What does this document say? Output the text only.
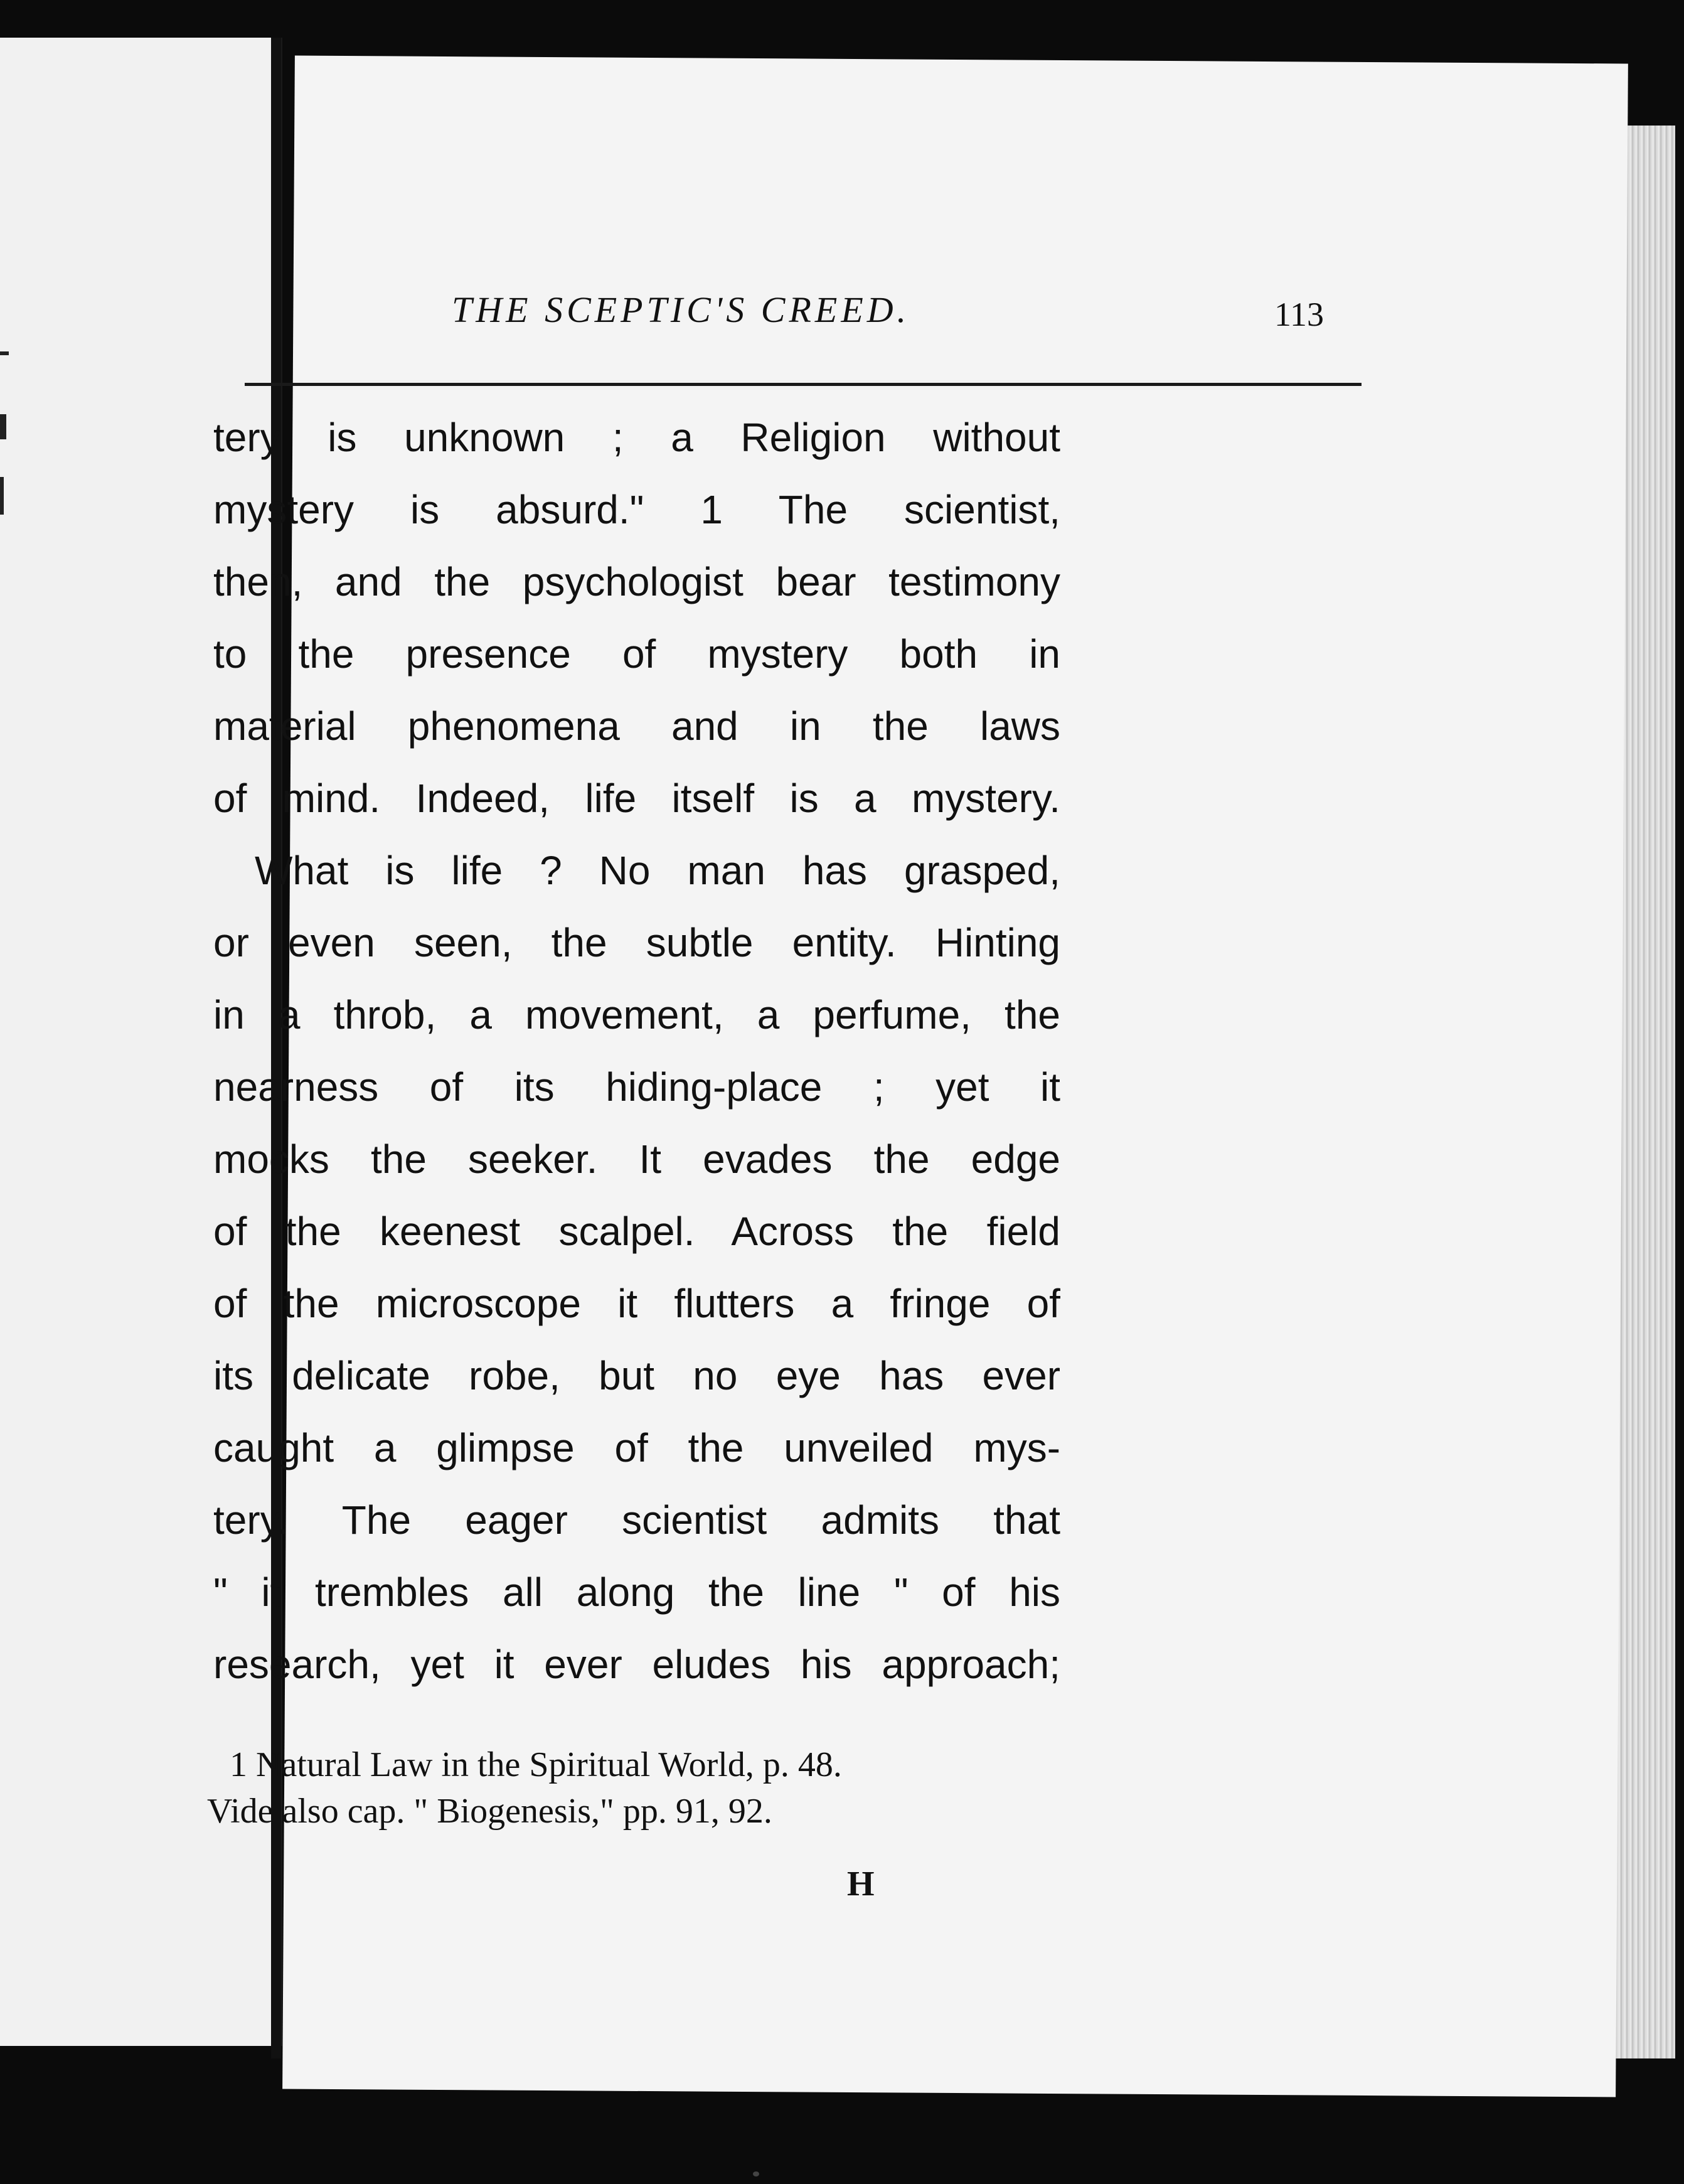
THE SCEPTIC'S CREED.	113
tery is unknown ; a Religion without
mystery is absurd." 1 The scientist,
then, and the psychologist bear testimony
to the presence of mystery both in
material phenomena and in the laws
of mind. Indeed, life itself is a mystery.
What is life ? No man has grasped,
or even seen, the subtle entity. Hinting
in a throb, a movement, a perfume, the
nearness of its hiding-place ; yet it
mocks the seeker. It evades the edge
of the keenest scalpel. Across the field
of the microscope it flutters a fringe of
its delicate robe, but no eye has ever
caught a glimpse of the unveiled mys-
tery. The eager scientist admits that
" it trembles all along the line " of his
research, yet it ever eludes his approach;
1 Natural Law in the Spiritual World, p. 48.
Vide also cap. " Biogenesis," pp. 91, 92.
H
